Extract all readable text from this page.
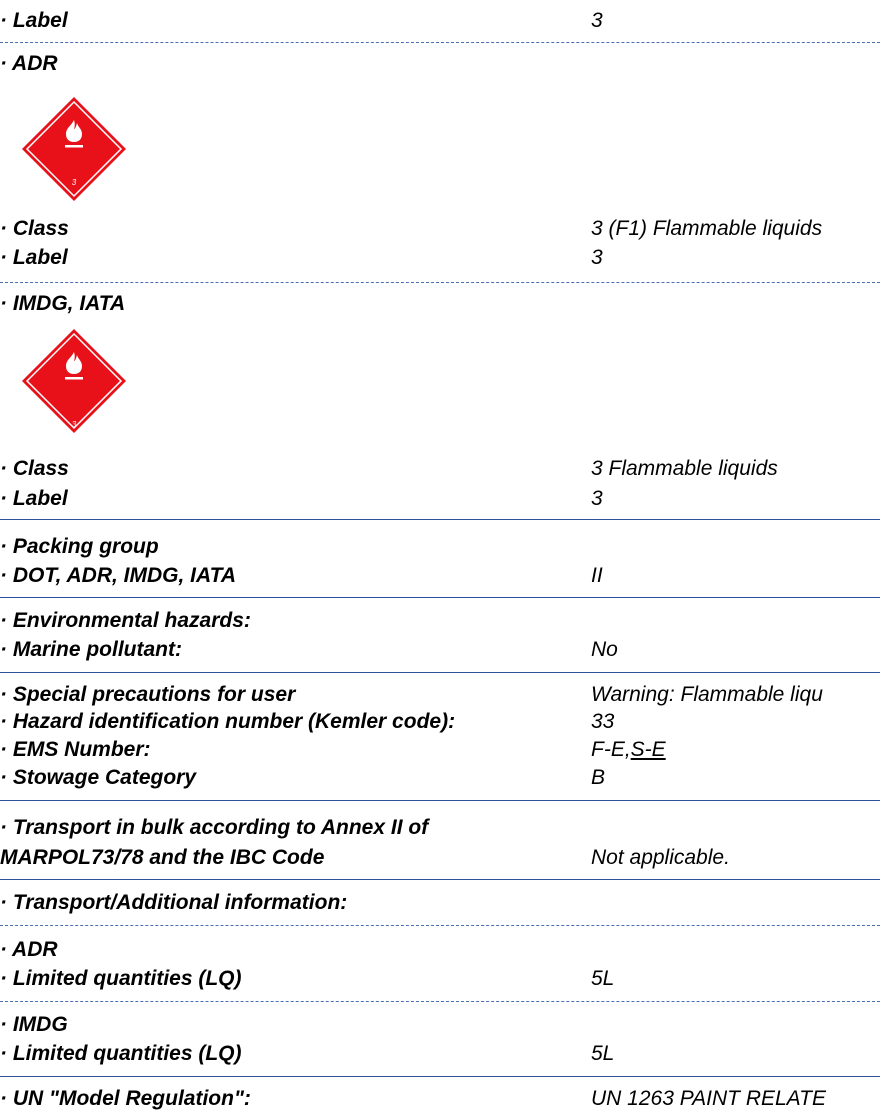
· Label	3
· ADR
3
· Class	3 (F1) Flammable liquids
· Label	3
· IMDG, IATA
3
· Class	3 Flammable liquids
· Label	3
· Packing group
· DOT, ADR, IMDG, IATA	II
· Environmental hazards:
· Marine pollutant:	No
· Special precautions for user	Warning: Flammable liqu
· Hazard identification number (Kemler code):	33
· EMS Number:	F-E,S-E
· Stowage Category	B
· Transport in bulk according to Annex II of
MARPOL73/78 and the IBC Code	Not applicable.
· Transport/Additional information:
· ADR
· Limited quantities (LQ)	5L
· IMDG
· Limited quantities (LQ)	5L
· UN "Model Regulation":	UN 1263 PAINT RELATE
